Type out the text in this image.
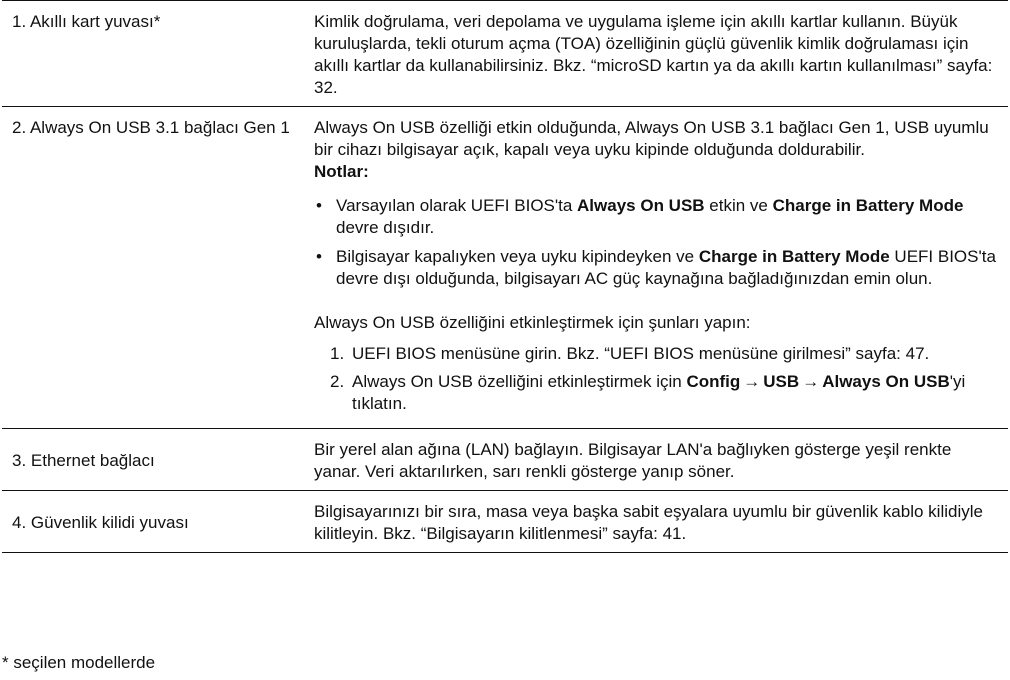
1. Akıllı kart yuvası*	Kimlik doğrulama, veri depolama ve uygulama işleme için akıllı kartlar kullanın. Büyük kuruluşlarda, tekli oturum açma (TOA) özelliğinin güçlü güvenlik kimlik doğrulaması için akıllı kartlar da kullanabilirsiniz. Bkz. “microSD kartın ya da akıllı kartın kullanılması” sayfa: 32.

2. Always On USB 3.1 bağlacı Gen 1	Always On USB özelliği etkin olduğunda, Always On USB 3.1 bağlacı Gen 1, USB uyumlu bir cihazı bilgisayar açık, kapalı veya uyku kipinde olduğunda doldurabilir.

Notlar:

• Varsayılan olarak UEFI BIOS'ta Always On USB etkin ve Charge in Battery Mode devre dışıdır.
• Bilgisayar kapalıyken veya uyku kipindeyken ve Charge in Battery Mode UEFI BIOS'ta devre dışı olduğunda, bilgisayarı AC güç kaynağına bağladığınızdan emin olun.

Always On USB özelliğini etkinleştirmek için şunları yapın:

1. UEFI BIOS menüsüne girin. Bkz. “UEFI BIOS menüsüne girilmesi” sayfa: 47.
2. Always On USB özelliğini etkinleştirmek için Config → USB → Always On USB'yi tıklatın.
3. Ethernet bağlacı

Bir yerel alan ağına (LAN) bağlayın. Bilgisayar LAN'a bağlıyken gösterge yeşil renkte yanar. Veri aktarılırken, sarı renkli gösterge yanıp söner.

4. Güvenlik kilidi yuvası

Bilgisayarınızı bir sıra, masa veya başka sabit eşyalara uyumlu bir güvenlik kablo kilidiyle kilitleyin. Bkz. “Bilgisayarın kilitlenmesi” sayfa: 41.

* seçilen modellerde
